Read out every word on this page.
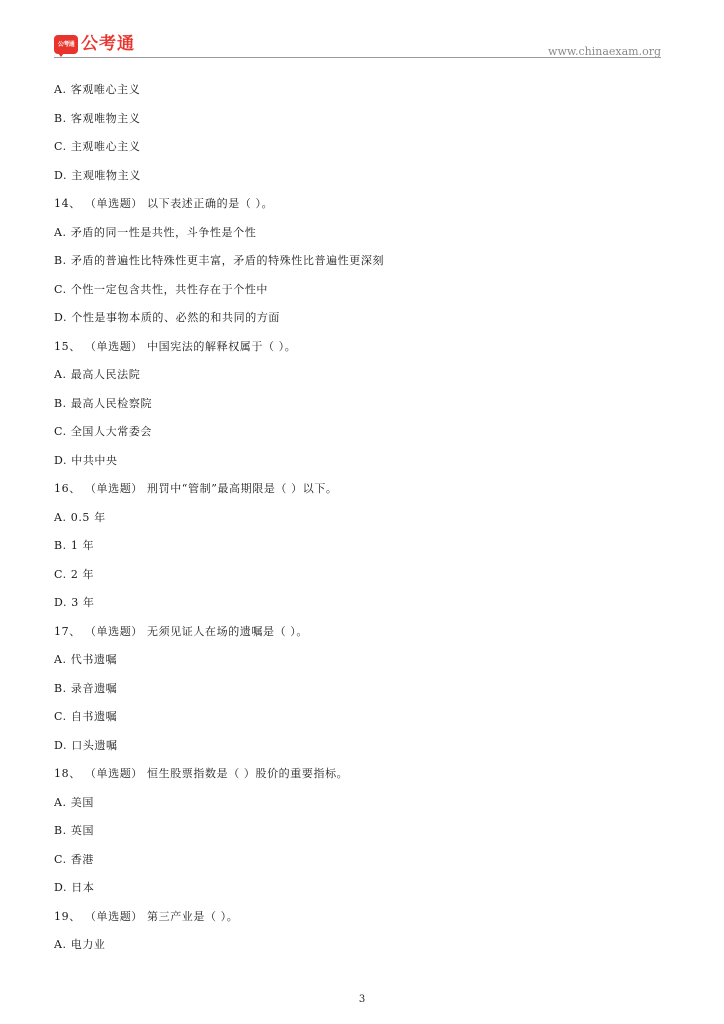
公考通 公考通	www.chinaexam.org
A. 客观唯心主义
B. 客观唯物主义
C. 主观唯心主义
D. 主观唯物主义
14、 （单选题） 以下表述正确的是（ ）。
A. 矛盾的同一性是共性，斗争性是个性
B. 矛盾的普遍性比特殊性更丰富，矛盾的特殊性比普遍性更深刻
C. 个性一定包含共性，共性存在于个性中
D. 个性是事物本质的、必然的和共同的方面
15、 （单选题） 中国宪法的解释权属于（ ）。
A. 最高人民法院
B. 最高人民检察院
C. 全国人大常委会
D. 中共中央
16、 （单选题） 刑罚中“管制”最高期限是（ ）以下。
A. 0.5 年
B. 1 年
C. 2 年
D. 3 年
17、 （单选题） 无须见证人在场的遗嘱是（ ）。
A. 代书遗嘱
B. 录音遗嘱
C. 自书遗嘱
D. 口头遗嘱
18、 （单选题） 恒生股票指数是（ ）股价的重要指标。
A. 美国
B. 英国
C. 香港
D. 日本
19、 （单选题） 第三产业是（ ）。
A. 电力业
3
